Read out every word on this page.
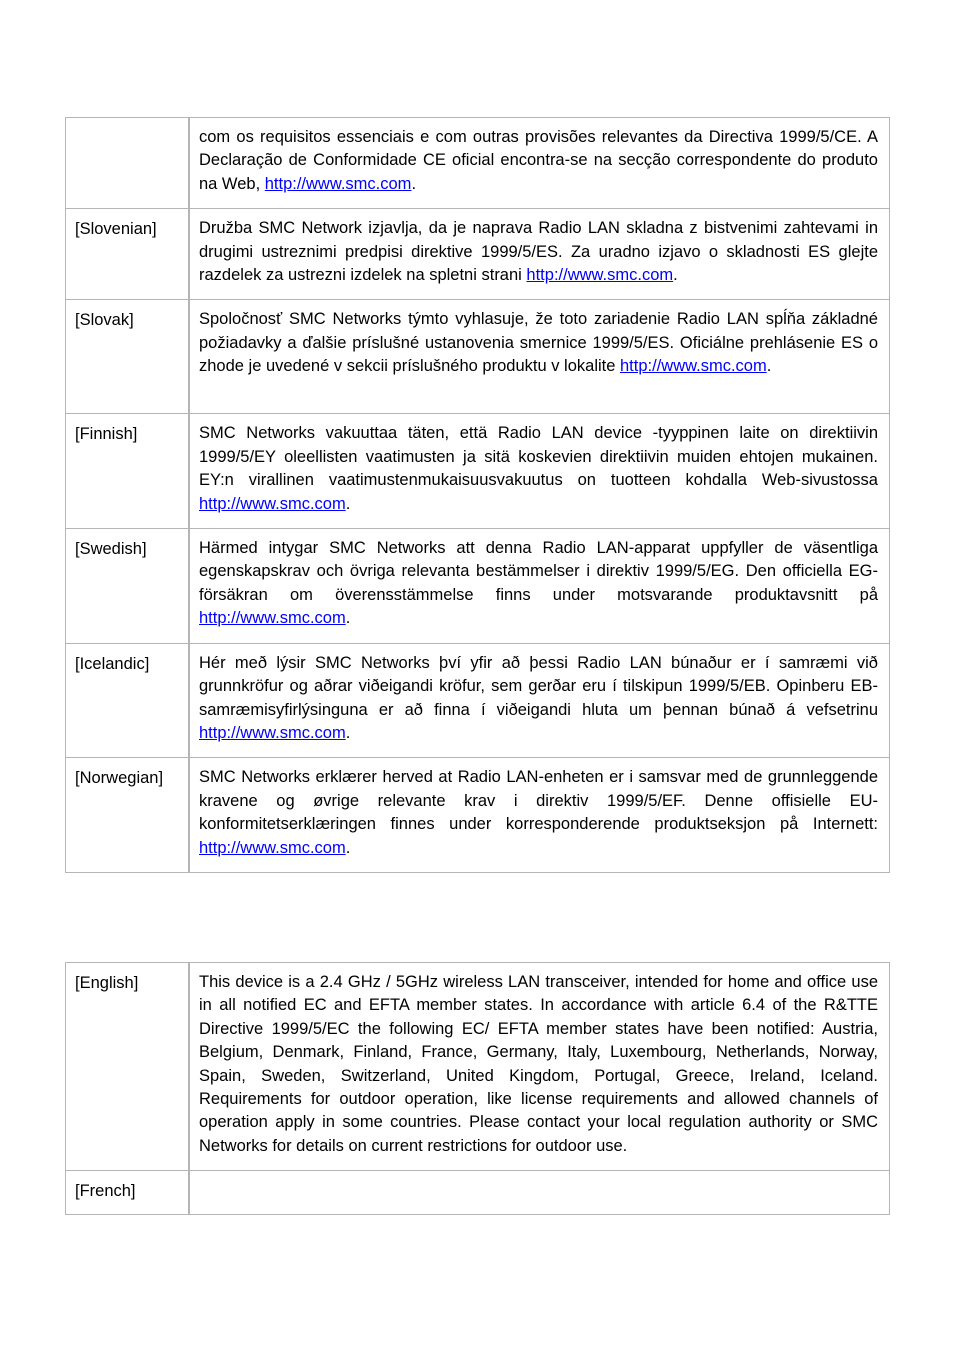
	com os requisitos essenciais e com outras provisões relevantes da Directiva 1999/5/CE. A Declaração de Conformidade CE oficial encontra-se na secção correspondente do produto na Web, http://www.smc.com.
[Slovenian]	Družba SMC Network izjavlja, da je naprava Radio LAN skladna z bistvenimi zahtevami in drugimi ustreznimi predpisi direktive 1999/5/ES. Za uradno izjavo o skladnosti ES glejte razdelek za ustrezni izdelek na spletni strani http://www.smc.com.
[Slovak]	Spoločnosť SMC Networks týmto vyhlasuje, že toto zariadenie Radio LAN spĺňa základné požiadavky a ďalšie príslušné ustanovenia smernice 1999/5/ES. Oficiálne prehlásenie ES o zhode je uvedené v sekcii príslušného produktu v lokalite http://www.smc.com.
[Finnish]	SMC Networks vakuuttaa täten, että Radio LAN device -tyyppinen laite on direktiivin 1999/5/EY oleellisten vaatimusten ja sitä koskevien direktiivin muiden ehtojen mukainen. EY:n virallinen vaatimustenmukaisuusvakuutus on tuotteen kohdalla Web-sivustossa http://www.smc.com.
[Swedish]	Härmed intygar SMC Networks att denna Radio LAN-apparat uppfyller de väsentliga egenskapskrav och övriga relevanta bestämmelser i direktiv 1999/5/EG. Den officiella EG-försäkran om överensstämmelse finns under motsvarande produktavsnitt på http://www.smc.com.
[Icelandic]	Hér með lýsir SMC Networks því yfir að þessi Radio LAN búnaður er í samræmi við grunnkröfur og aðrar viðeigandi kröfur, sem gerðar eru í tilskipun 1999/5/EB. Opinberu EB-samræmisyfirlýsinguna er að finna í viðeigandi hluta um þennan búnað á vefsetrinu http://www.smc.com.
[Norwegian]	SMC Networks erklærer herved at Radio LAN-enheten er i samsvar med de grunnleggende kravene og øvrige relevante krav i direktiv 1999/5/EF. Denne offisielle EU-konformitetserklæringen finnes under korresponderende produktseksjon på Internett: http://www.smc.com.
[English]	This device is a 2.4 GHz / 5GHz wireless LAN transceiver, intended for home and office use in all notified EC and EFTA member states. In accordance with article 6.4 of the R&TTE Directive 1999/5/EC the following EC/ EFTA member states have been notified: Austria, Belgium, Denmark, Finland, France, Germany, Italy, Luxembourg, Netherlands, Norway, Spain, Sweden, Switzerland, United Kingdom, Portugal, Greece, Ireland, Iceland. Requirements for outdoor operation, like license requirements and allowed channels of operation apply in some countries. Please contact your local regulation authority or SMC Networks for details on current restrictions for outdoor use.
[French]	
